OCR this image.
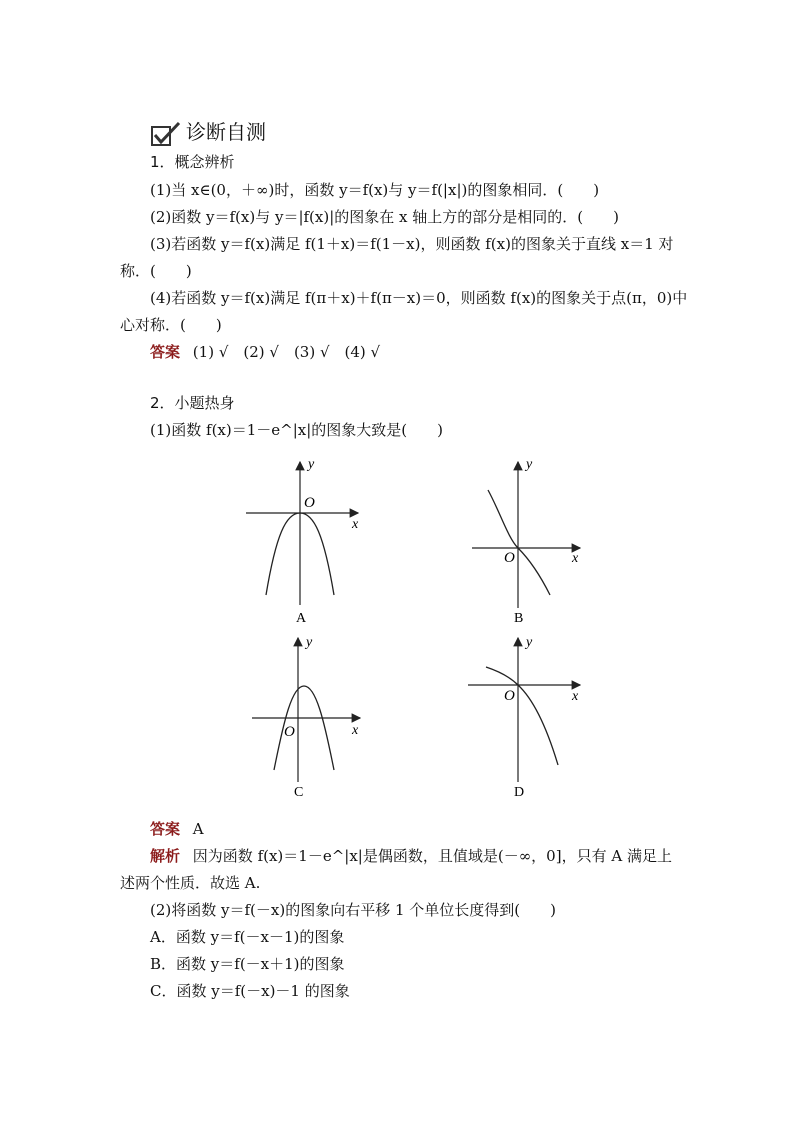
诊断自测
1．概念辨析
(1)当 x∈(0，＋∞)时，函数 y＝f(x)与 y＝f(|x|)的图象相同．(　　)
(2)函数 y＝f(x)与 y＝|f(x)|的图象在 x 轴上方的部分是相同的．(　　)
(3)若函数 y＝f(x)满足 f(1＋x)＝f(1－x)，则函数 f(x)的图象关于直线 x＝1 对
称．(　　)
(4)若函数 y＝f(x)满足 f(π＋x)＋f(π－x)＝0，则函数 f(x)的图象关于点(π，0)中
心对称．(　　)
答案 (1) √　(2) √　(3) √　(4) √
2．小题热身
(1)函数 f(x)＝1－e^|x|的图象大致是(　　)
y
O
x
A
y
O	x
B
y
O	x
C
y
O	x
D
答案 A
解析 因为函数 f(x)＝1－e^|x|是偶函数，且值域是(－∞，0]，只有 A 满足上
述两个性质．故选 A.
(2)将函数 y＝f(－x)的图象向右平移 1 个单位长度得到(　　)
A．函数 y＝f(－x－1)的图象
B．函数 y＝f(－x＋1)的图象
C．函数 y＝f(－x)－1 的图象
